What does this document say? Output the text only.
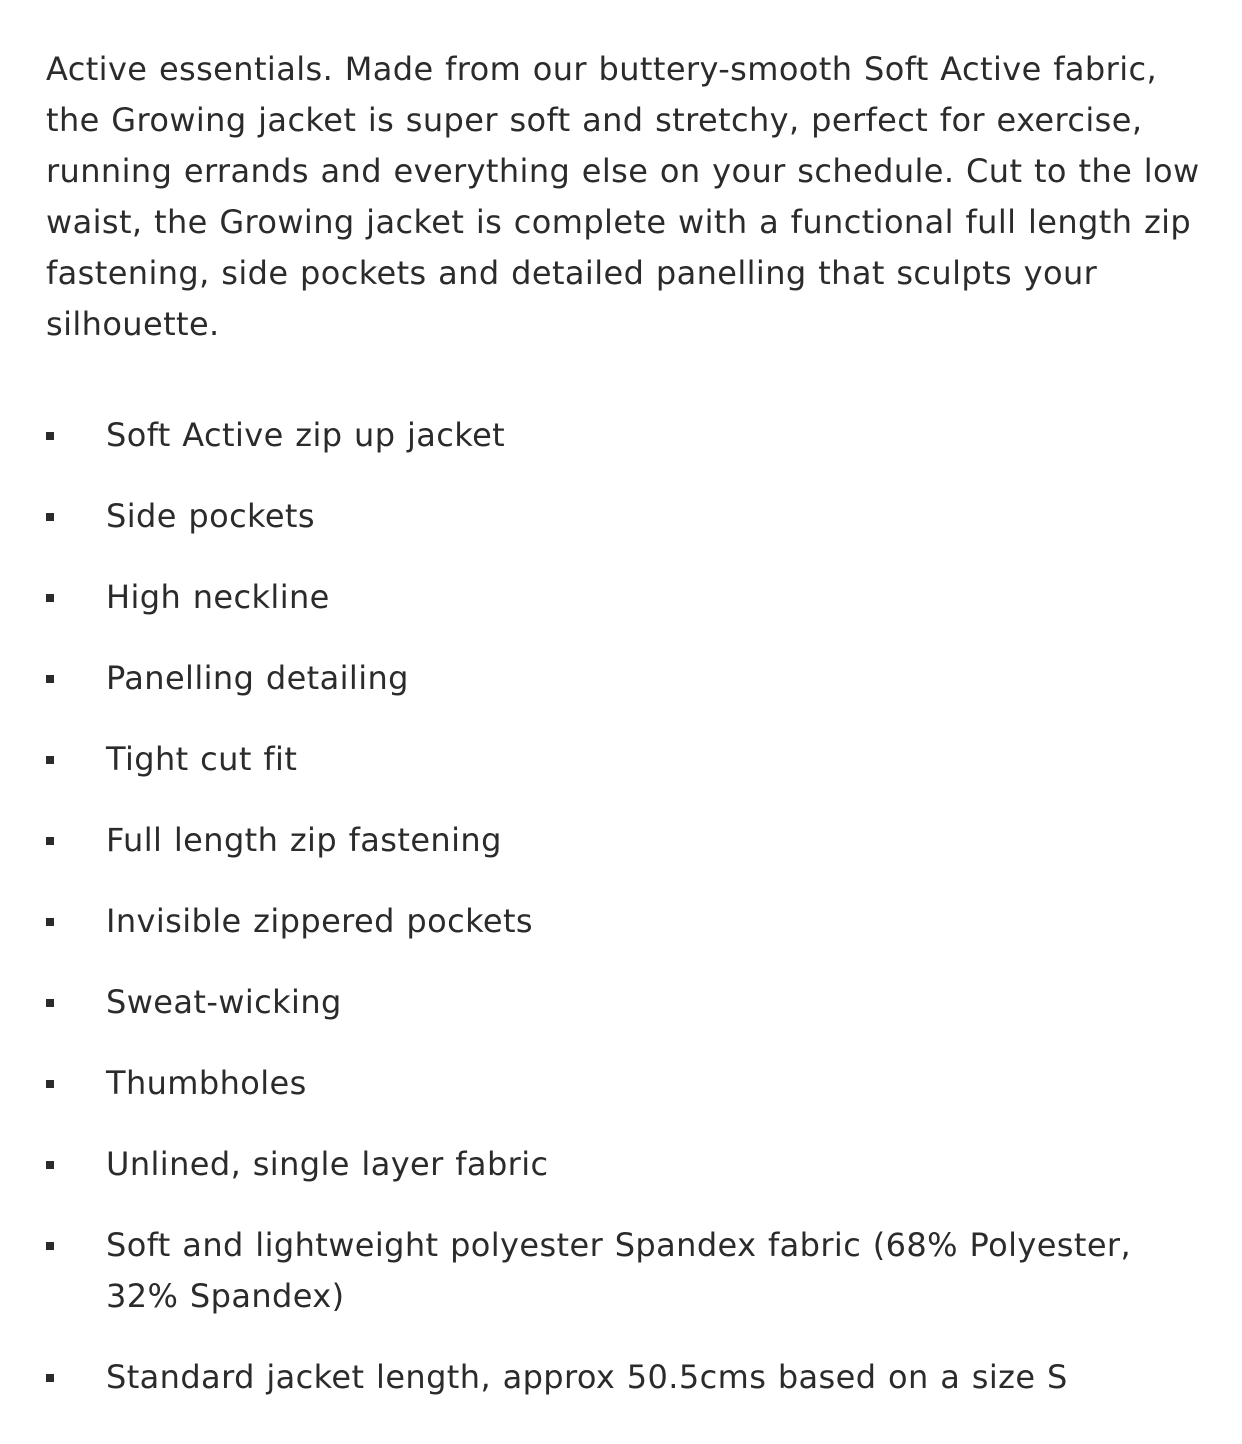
Active essentials. Made from our buttery-smooth Soft Active fabric, the Growing jacket is super soft and stretchy, perfect for exercise, running errands and everything else on your schedule. Cut to the low waist, the Growing jacket is complete with a functional full length zip fastening, side pockets and detailed panelling that sculpts your silhouette.

Soft Active zip up jacket
Side pockets
High neckline
Panelling detailing
Tight cut fit
Full length zip fastening
Invisible zippered pockets
Sweat-wicking
Thumbholes
Unlined, single layer fabric
Soft and lightweight polyester Spandex fabric (68% Polyester, 32% Spandex)
Standard jacket length, approx 50.5cms based on a size S
